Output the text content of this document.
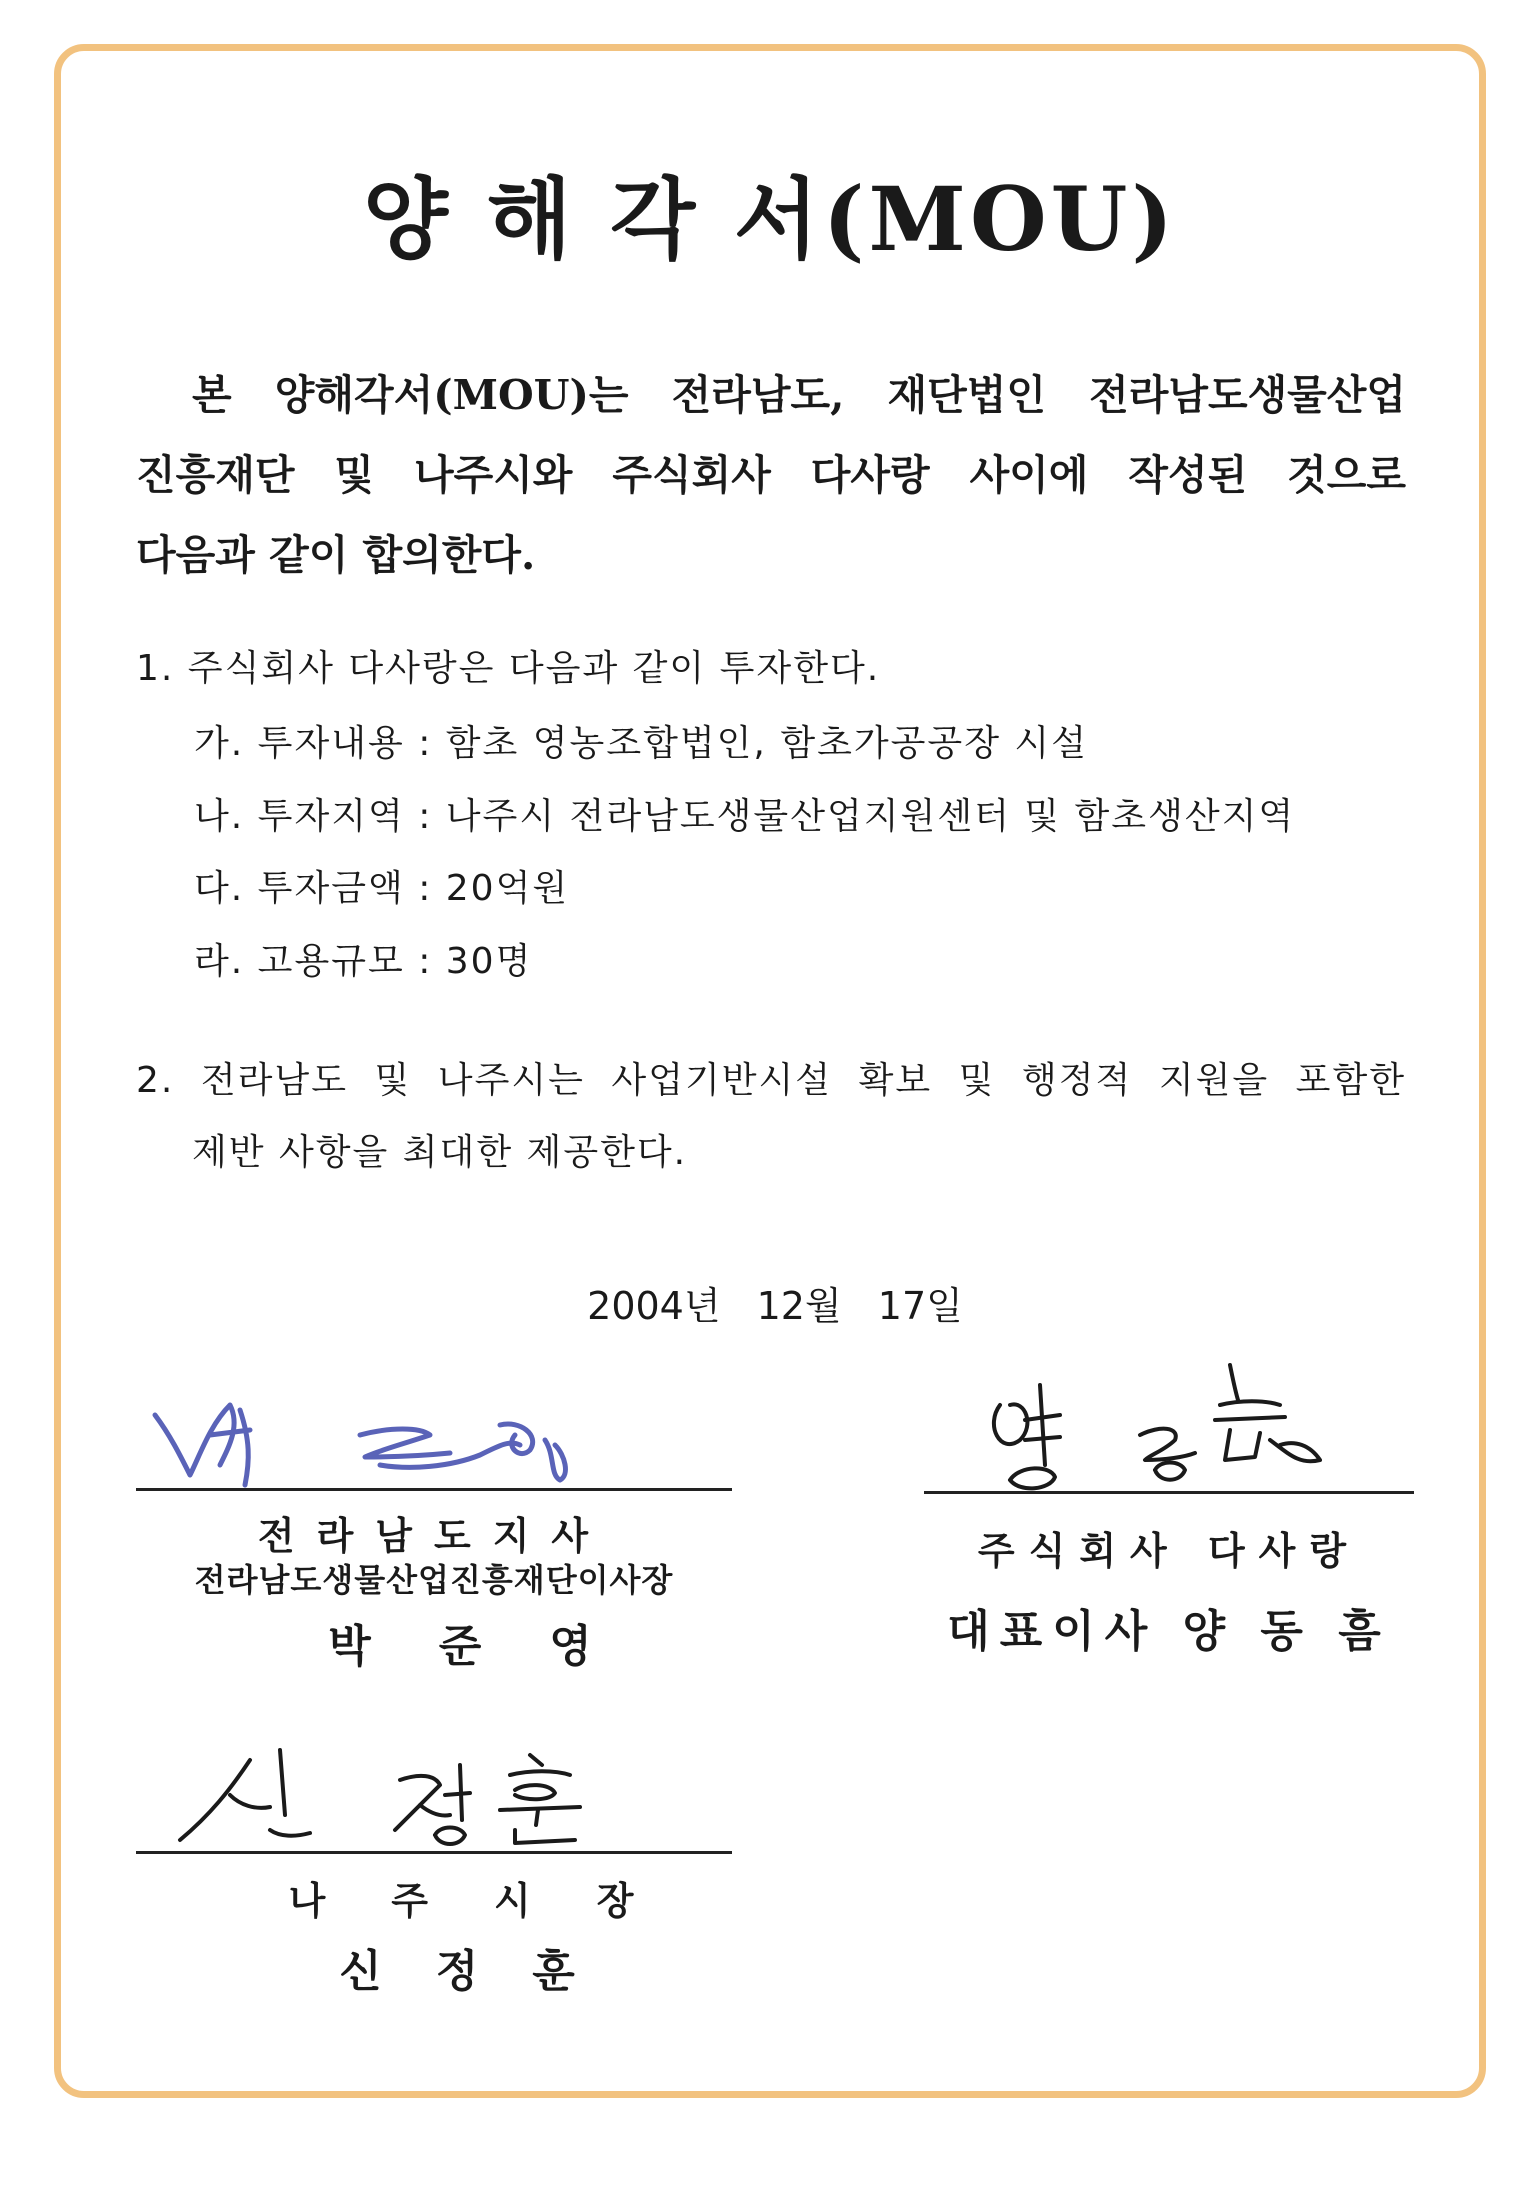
양 해 각 서(MOU)
본 양해각서(MOU)는 전라남도, 재단법인 전라남도생물산업
진흥재단 및 나주시와 주식회사 다사랑 사이에 작성된 것으로
다음과 같이 합의한다.
1. 주식회사 다사랑은 다음과 같이 투자한다.
가. 투자내용 : 함초 영농조합법인, 함초가공공장 시설
나. 투자지역 : 나주시 전라남도생물산업지원센터 및 함초생산지역
다. 투자금액 : 20억원
라. 고용규모 : 30명
2. 전라남도 및 나주시는 사업기반시설 확보 및 행정적 지원을 포함한
제반 사항을 최대한 제공한다.
2004년 12월 17일
전라남도지사
전라남도생물산업진흥재단이사장
박준영
주식회사 다사랑
대표이사 양 동 흠
나주시장
신정훈
